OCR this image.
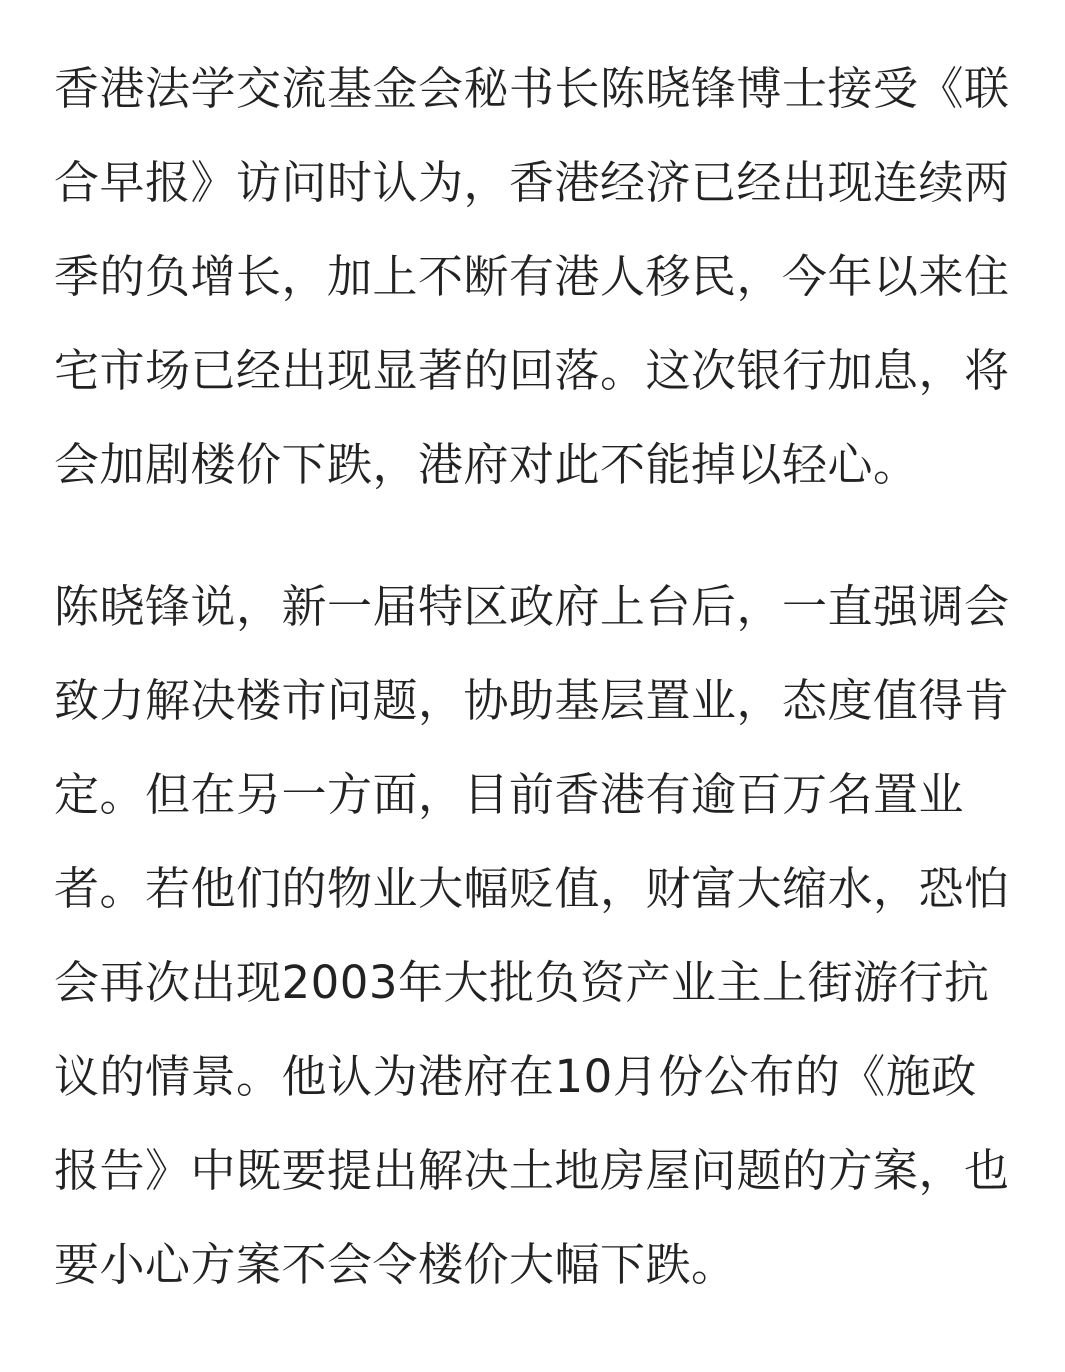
香港法学交流基金会秘书长陈晓锋博士接受《联
合早报》访问时认为，香港经济已经出现连续两
季的负增长，加上不断有港人移民，今年以来住
宅市场已经出现显著的回落。这次银行加息，将
会加剧楼价下跌，港府对此不能掉以轻心。

陈晓锋说，新一届特区政府上台后，一直强调会
致力解决楼市问题，协助基层置业，态度值得肯
定。但在另一方面，目前香港有逾百万名置业
者。若他们的物业大幅贬值，财富大缩水，恐怕
会再次出现2003年大批负资产业主上街游行抗
议的情景。他认为港府在10月份公布的《施政
报告》中既要提出解决土地房屋问题的方案，也
要小心方案不会令楼价大幅下跌。
